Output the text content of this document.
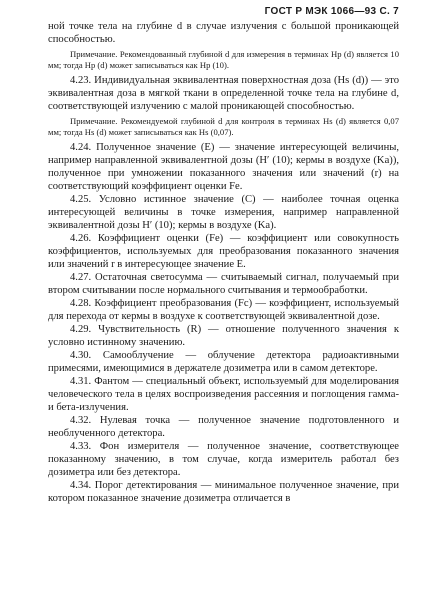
ГОСТ Р МЭК 1066—93 С. 7

ной точке тела на глубине d в случае излучения с большой проникающей способностью.

Примечание. Рекомендованный глубиной d для измерения в терминах Hp (d) является 10 мм; тогда Hp (d) может записываться как Hp (10).

4.23. Индивидуальная эквивалентная поверхностная доза (Hs (d)) — это эквивалентная доза в мягкой ткани в определенной точке тела на глубине d, соответствующей излучению с малой проникающей способностью.

Примечание. Рекомендуемой глубиной d для контроля в терминах Hs (d) является 0,07 мм; тогда Hs (d) может записываться как Hs (0,07).

4.24. Полученное значение (E) — значение интересующей величины, например направленной эквивалентной дозы (H′ (10); кермы в воздухе (Ka)), полученное при умножении показанного значения или значений (r) на соответствующий коэффициент оценки Fe.

4.25. Условно истинное значение (C) — наиболее точная оценка интересующей величины в точке измерения, например направленной эквивалентной дозы H′ (10); кермы в воздухе (Ka).

4.26. Коэффициент оценки (Fe) — коэффициент или совокупность коэффициентов, используемых для преобразования показанного значения или значений r в интересующее значение E.

4.27. Остаточная светосумма — считываемый сигнал, получаемый при втором считывании после нормального считывания и термообработки.

4.28. Коэффициент преобразования (Fc) — коэффициент, используемый для перехода от кермы в воздухе к соответствующей эквивалентной дозе.

4.29. Чувствительность (R) — отношение полученного значения к условно истинному значению.

4.30. Самооблучение — облучение детектора радиоактивными примесями, имеющимися в держателе дозиметра или в самом детекторе.

4.31. Фантом — специальный объект, используемый для моделирования человеческого тела в целях воспроизведения рассеяния и поглощения гамма- и бета-излучения.

4.32. Нулевая точка — полученное значение подготовленного и необлученного детектора.

4.33. Фон измерителя — полученное значение, соответствующее показанному значению, в том случае, когда измеритель работал без дозиметра или без детектора.

4.34. Порог детектирования — минимальное полученное значение, при котором показанное значение дозиметра отличается в
